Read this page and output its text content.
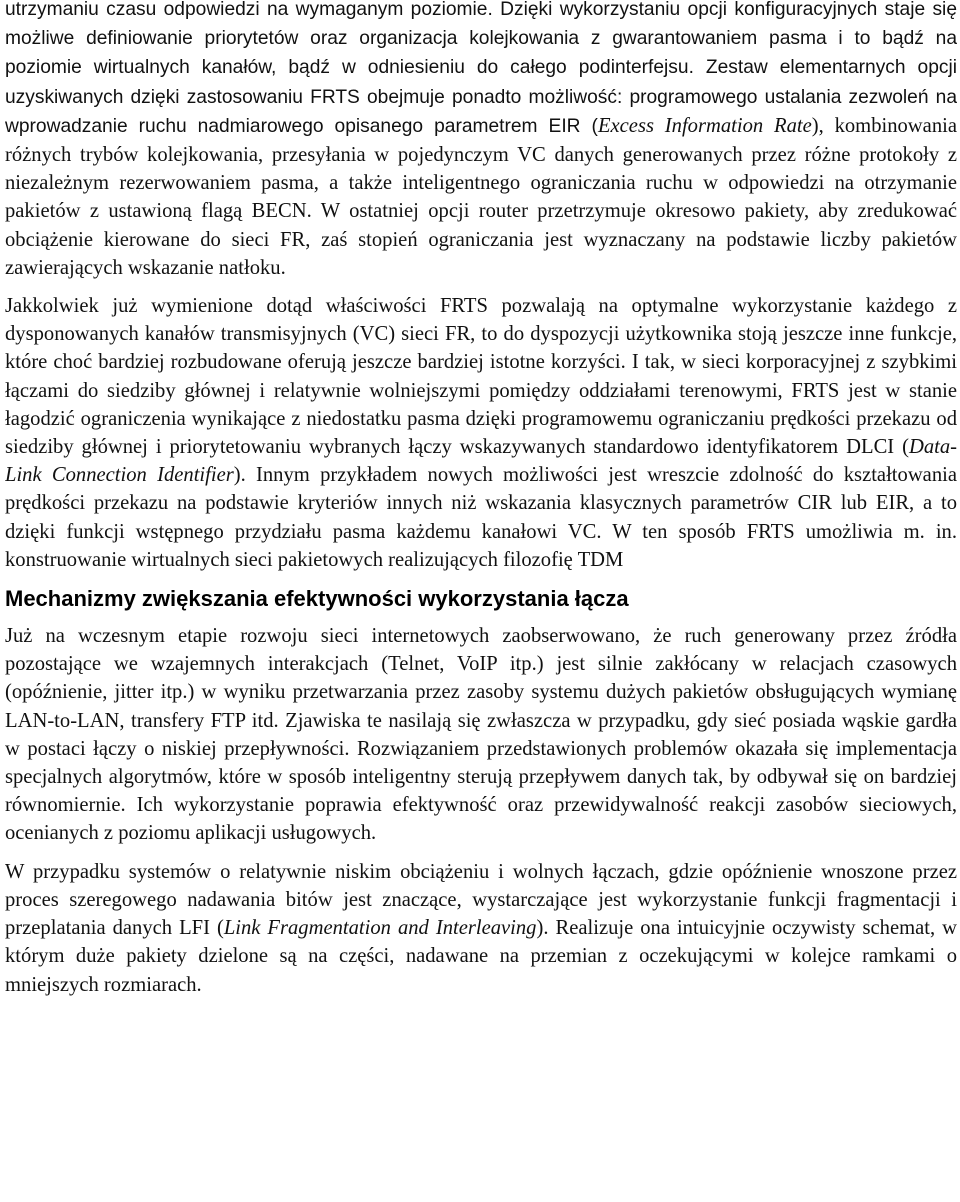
utrzymaniu czasu odpowiedzi na wymaganym poziomie. Dzięki wykorzystaniu opcji konfiguracyjnych staje się możliwe definiowanie priorytetów oraz organizacja kolejkowania z gwarantowaniem pasma i to bądź na poziomie wirtualnych kanałów, bądź w odniesieniu do całego podinterfejsu. Zestaw elementarnych opcji uzyskiwanych dzięki zastosowaniu FRTS obejmuje ponadto możliwość: programowego ustalania zezwoleń na wprowadzanie ruchu nadmiarowego opisanego parametrem EIR (Excess Information Rate), kombinowania różnych trybów kolejkowania, przesyłania w pojedynczym VC danych generowanych przez różne protokoły z niezależnym rezerwowaniem pasma, a także inteligentnego ograniczania ruchu w odpowiedzi na otrzymanie pakietów z ustawioną flagą BECN. W ostatniej opcji router przetrzymuje okresowo pakiety, aby zredukować obciążenie kierowane do sieci FR, zaś stopień ograniczania jest wyznaczany na podstawie liczby pakietów zawierających wskazanie natłoku.

Jakkolwiek już wymienione dotąd właściwości FRTS pozwalają na optymalne wykorzystanie każdego z dysponowanych kanałów transmisyjnych (VC) sieci FR, to do dyspozycji użytkownika stoją jeszcze inne funkcje, które choć bardziej rozbudowane oferują jeszcze bardziej istotne korzyści. I tak, w sieci korporacyjnej z szybkimi łączami do siedziby głównej i relatywnie wolniejszymi pomiędzy oddziałami terenowymi, FRTS jest w stanie łagodzić ograniczenia wynikające z niedostatku pasma dzięki programowemu ograniczaniu prędkości przekazu od siedziby głównej i priorytetowaniu wybranych łączy wskazywanych standardowo identyfikatorem DLCI (Data-Link Connection Identifier). Innym przykładem nowych możliwości jest wreszcie zdolność do kształtowania prędkości przekazu na podstawie kryteriów innych niż wskazania klasycznych parametrów CIR lub EIR, a to dzięki funkcji wstępnego przydziału pasma każdemu kanałowi VC. W ten sposób FRTS umożliwia m. in. konstruowanie wirtualnych sieci pakietowych realizujących filozofię TDM

Mechanizmy zwiększania efektywności wykorzystania łącza

Już na wczesnym etapie rozwoju sieci internetowych zaobserwowano, że ruch generowany przez źródła pozostające we wzajemnych interakcjach (Telnet, VoIP itp.) jest silnie zakłócany w relacjach czasowych (opóźnienie, jitter itp.) w wyniku przetwarzania przez zasoby systemu dużych pakietów obsługujących wymianę LAN-to-LAN, transfery FTP itd. Zjawiska te nasilają się zwłaszcza w przypadku, gdy sieć posiada wąskie gardła w postaci łączy o niskiej przepływności. Rozwiązaniem przedstawionych problemów okazała się implementacja specjalnych algorytmów, które w sposób inteligentny sterują przepływem danych tak, by odbywał się on bardziej równomiernie. Ich wykorzystanie poprawia efektywność oraz przewidywalność reakcji zasobów sieciowych, ocenianych z poziomu aplikacji usługowych.

W przypadku systemów o relatywnie niskim obciążeniu i wolnych łączach, gdzie opóźnienie wnoszone przez proces szeregowego nadawania bitów jest znaczące, wystarczające jest wykorzystanie funkcji fragmentacji i przeplatania danych LFI (Link Fragmentation and Interleaving). Realizuje ona intuicyjnie oczywisty schemat, w którym duże pakiety dzielone są na części, nadawane na przemian z oczekującymi w kolejce ramkami o mniejszych rozmiarach.
